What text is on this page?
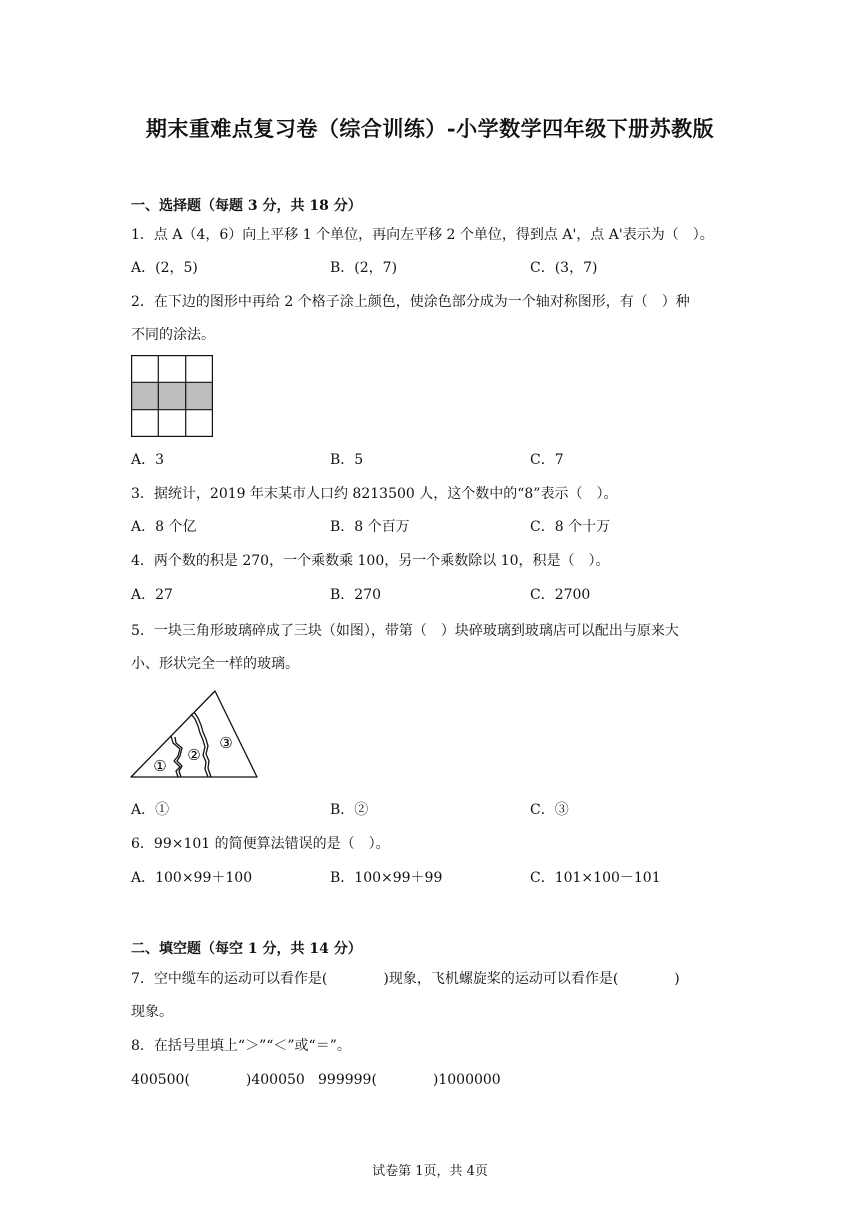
期末重难点复习卷（综合训练）-小学数学四年级下册苏教版
一、选择题（每题 3 分，共 18 分）
1．点 A（4，6）向上平移 1 个单位，再向左平移 2 个单位，得到点 A'，点 A'表示为（　）。
A．(2，5)	B．(2，7)	C．(3，7)
2．在下边的图形中再给 2 个格子涂上颜色，使涂色部分成为一个轴对称图形，有（　）种
不同的涂法。
A．3	B．5	C．7
3．据统计，2019 年末某市人口约 8213500 人，这个数中的“8”表示（　）。
A．8 个亿	B．8 个百万	C．8 个十万
4．两个数的积是 270，一个乘数乘 100，另一个乘数除以 10，积是（　）。
A．27	B．270	C．2700
5．一块三角形玻璃碎成了三块（如图），带第（　）块碎玻璃到玻璃店可以配出与原来大
小、形状完全一样的玻璃。
①
②
③
A．①	B．②	C．③
6．99×101 的简便算法错误的是（　）。
A．100×99＋100	B．100×99＋99	C．101×100－101
二、填空题（每空 1 分，共 14 分）
7．空中缆车的运动可以看作是(　　　　)现象，飞机螺旋桨的运动可以看作是(　　　　)
现象。
8．在括号里填上“＞”“＜”或“＝”。
400500(　　　　)400050 999999(　　　　)1000000
试卷第 1页，共 4页
